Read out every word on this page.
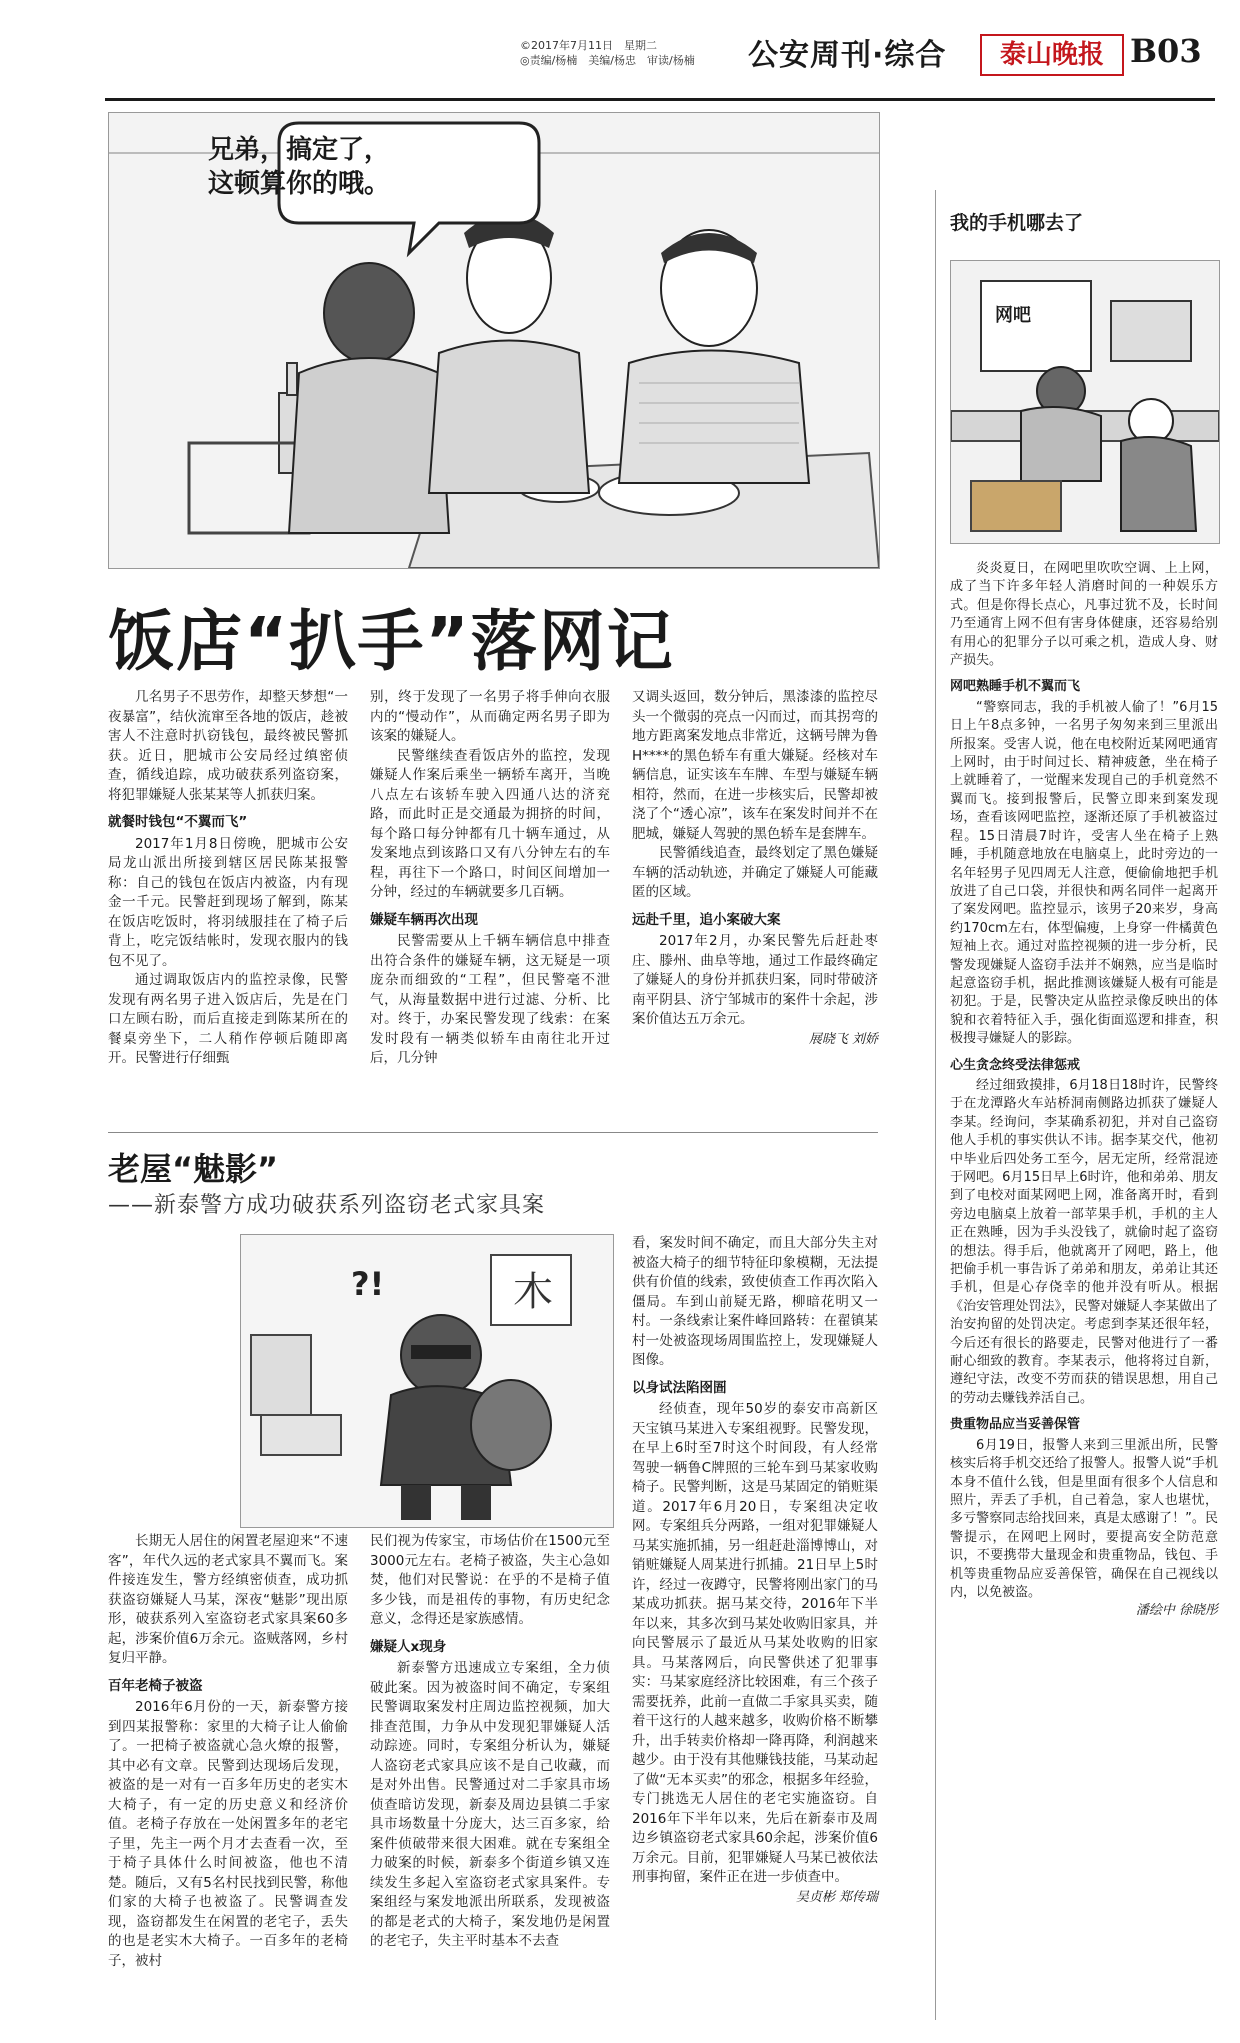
©2017年7月11日　星期二
◎责编/杨楠　美编/杨忠　审读/杨楠	公安周刊·综合	泰山晚报 B03
兄弟，搞定了，
这顿算你的哦。
饭店“扒手”落网记

几名男子不思劳作，却整天梦想“一夜暴富”，结伙流窜至各地的饭店，趁被害人不注意时扒窃钱包，最终被民警抓获。近日，肥城市公安局经过缜密侦查，循线追踪，成功破获系列盗窃案，将犯罪嫌疑人张某某等人抓获归案。

就餐时钱包“不翼而飞”

2017年1月8日傍晚，肥城市公安局龙山派出所接到辖区居民陈某报警称：自己的钱包在饭店内被盗，内有现金一千元。民警赶到现场了解到，陈某在饭店吃饭时，将羽绒服挂在了椅子后背上，吃完饭结帐时，发现衣服内的钱包不见了。

通过调取饭店内的监控录像，民警发现有两名男子进入饭店后，先是在门口左顾右盼，而后直接走到陈某所在的餐桌旁坐下，二人稍作停顿后随即离开。民警进行仔细甄

别，终于发现了一名男子将手伸向衣服内的“慢动作”，从而确定两名男子即为该案的嫌疑人。

民警继续查看饭店外的监控，发现嫌疑人作案后乘坐一辆轿车离开，当晚八点左右该轿车驶入四通八达的济兖路，而此时正是交通最为拥挤的时间，每个路口每分钟都有几十辆车通过，从发案地点到该路口又有八分钟左右的车程，再往下一个路口，时间区间增加一分钟，经过的车辆就要多几百辆。

嫌疑车辆再次出现

民警需要从上千辆车辆信息中排查出符合条件的嫌疑车辆，这无疑是一项庞杂而细致的“工程”，但民警毫不泄气，从海量数据中进行过滤、分析、比对。终于，办案民警发现了线索：在案发时段有一辆类似轿车由南往北开过后，几分钟

又调头返回，数分钟后，黑漆漆的监控尽头一个微弱的亮点一闪而过，而其拐弯的地方距离案发地点非常近，这辆号牌为鲁H****的黑色轿车有重大嫌疑。经核对车辆信息，证实该车车牌、车型与嫌疑车辆相符，然而，在进一步核实后，民警却被浇了个“透心凉”，该车在案发时间并不在肥城，嫌疑人驾驶的黑色轿车是套牌车。

民警循线追查，最终划定了黑色嫌疑车辆的活动轨迹，并确定了嫌疑人可能藏匿的区域。

远赴千里，追小案破大案

2017年2月，办案民警先后赶赴枣庄、滕州、曲阜等地，通过工作最终确定了嫌疑人的身份并抓获归案，同时带破济南平阴县、济宁邹城市的案件十余起，涉案价值达五万余元。

展晓飞 刘娇
老屋“魅影”
——新泰警方成功破获系列盗窃老式家具案
木
?!

长期无人居住的闲置老屋迎来“不速客”，年代久远的老式家具不翼而飞。案件接连发生，警方经缜密侦查，成功抓获盗窃嫌疑人马某，深夜“魅影”现出原形，破获系列入室盗窃老式家具案60多起，涉案价值6万余元。盗贼落网，乡村复归平静。

百年老椅子被盗

2016年6月份的一天，新泰警方接到四某报警称：家里的大椅子让人偷偷了。一把椅子被盗就心急火燎的报警，其中必有文章。民警到达现场后发现，被盗的是一对有一百多年历史的老实木大椅子，有一定的历史意义和经济价值。老椅子存放在一处闲置多年的老宅子里，先主一两个月才去查看一次，至于椅子具体什么时间被盗，他也不清楚。随后，又有5名村民找到民警，称他们家的大椅子也被盗了。民警调查发现，盗窃都发生在闲置的老宅子，丢失的也是老实木大椅子。一百多年的老椅子，被村

民们视为传家宝，市场估价在1500元至3000元左右。老椅子被盗，失主心急如焚，他们对民警说：在乎的不是椅子值多少钱，而是祖传的事物，有历史纪念意义，念得还是家族感情。

嫌疑人x现身

新泰警方迅速成立专案组，全力侦破此案。因为被盗时间不确定，专案组民警调取案发村庄周边监控视频，加大排查范围，力争从中发现犯罪嫌疑人活动踪迹。同时，专案组分析认为，嫌疑人盗窃老式家具应该不是自己收藏，而是对外出售。民警通过对二手家具市场侦查暗访发现，新泰及周边县镇二手家具市场数量十分庞大，达三百多家，给案件侦破带来很大困难。就在专案组全力破案的时候，新泰多个街道乡镇又连续发生多起入室盗窃老式家具案件。专案组经与案发地派出所联系，发现被盗的都是老式的大椅子，案发地仍是闲置的老宅子，失主平时基本不去查

看，案发时间不确定，而且大部分失主对被盗大椅子的细节特征印象模糊，无法提供有价值的线索，致使侦查工作再次陷入僵局。车到山前疑无路，柳暗花明又一村。一条线索让案件峰回路转：在翟镇某村一处被盗现场周围监控上，发现嫌疑人图像。

以身试法陷囹圄

经侦查，现年50岁的泰安市高新区天宝镇马某进入专案组视野。民警发现，在早上6时至7时这个时间段，有人经常驾驶一辆鲁C牌照的三轮车到马某家收购椅子。民警判断，这是马某固定的销赃渠道。2017年6月20日，专案组决定收网。专案组兵分两路，一组对犯罪嫌疑人马某实施抓捕，另一组赶赴淄博博山，对销赃嫌疑人周某进行抓捕。21日早上5时许，经过一夜蹲守，民警将刚出家门的马某成功抓获。据马某交待，2016年下半年以来，其多次到马某处收购旧家具，并向民警展示了最近从马某处收购的旧家具。马某落网后，向民警供述了犯罪事实：马某家庭经济比较困难，有三个孩子需要抚养，此前一直做二手家具买卖，随着干这行的人越来越多，收购价格不断攀升，出手转卖价格却一降再降，利润越来越少。由于没有其他赚钱技能，马某动起了做“无本买卖”的邪念，根据多年经验，专门挑选无人居住的老宅实施盗窃。自2016年下半年以来，先后在新泰市及周边乡镇盗窃老式家具60余起，涉案价值6万余元。目前，犯罪嫌疑人马某已被依法刑事拘留，案件正在进一步侦查中。

吴贞彬 郑传瑞
我的手机哪去了
网吧

炎炎夏日，在网吧里吹吹空调、上上网，成了当下许多年轻人消磨时间的一种娱乐方式。但是你得长点心，凡事过犹不及，长时间乃至通宵上网不但有害身体健康，还容易给别有用心的犯罪分子以可乘之机，造成人身、财产损失。

网吧熟睡手机不翼而飞

“警察同志，我的手机被人偷了！”6月15日上午8点多钟，一名男子匆匆来到三里派出所报案。受害人说，他在电校附近某网吧通宵上网时，由于时间过长、精神疲惫，坐在椅子上就睡着了，一觉醒来发现自己的手机竟然不翼而飞。接到报警后，民警立即来到案发现场，查看该网吧监控，逐渐还原了手机被盗过程。15日清晨7时许，受害人坐在椅子上熟睡，手机随意地放在电脑桌上，此时旁边的一名年轻男子见四周无人注意，便偷偷地把手机放进了自己口袋，并很快和两名同伴一起离开了案发网吧。监控显示，该男子20来岁，身高约170cm左右，体型偏瘦，上身穿一件橘黄色短袖上衣。通过对监控视频的进一步分析，民警发现嫌疑人盗窃手法并不娴熟，应当是临时起意盗窃手机，据此推测该嫌疑人极有可能是初犯。于是，民警决定从监控录像反映出的体貌和衣着特征入手，强化街面巡逻和排查，积极搜寻嫌疑人的影踪。

心生贪念终受法律惩戒

经过细致摸排，6月18日18时许，民警终于在龙潭路火车站桥洞南侧路边抓获了嫌疑人李某。经询问，李某确系初犯，并对自己盗窃他人手机的事实供认不讳。据李某交代，他初中毕业后四处务工至今，居无定所，经常混迹于网吧。6月15日早上6时许，他和弟弟、朋友到了电校对面某网吧上网，准备离开时，看到旁边电脑桌上放着一部苹果手机，手机的主人正在熟睡，因为手头没钱了，就偷时起了盗窃的想法。得手后，他就离开了网吧，路上，他把偷手机一事告诉了弟弟和朋友，弟弟让其还手机，但是心存侥幸的他并没有听从。根据《治安管理处罚法》，民警对嫌疑人李某做出了治安拘留的处罚决定。考虑到李某还很年轻，今后还有很长的路要走，民警对他进行了一番耐心细致的教育。李某表示，他将将过自新，遵纪守法，改变不劳而获的错误思想，用自己的劳动去赚钱养活自己。

贵重物品应当妥善保管

6月19日，报警人来到三里派出所，民警核实后将手机交还给了报警人。报警人说“手机本身不值什么钱，但是里面有很多个人信息和照片，弄丢了手机，自己着急，家人也堪忧，多亏警察同志给找回来，真是太感谢了！”。民警提示，在网吧上网时，要提高安全防范意识，不要携带大量现金和贵重物品，钱包、手机等贵重物品应妥善保管，确保在自己视线以内，以免被盗。

潘绘中 徐晓彤
